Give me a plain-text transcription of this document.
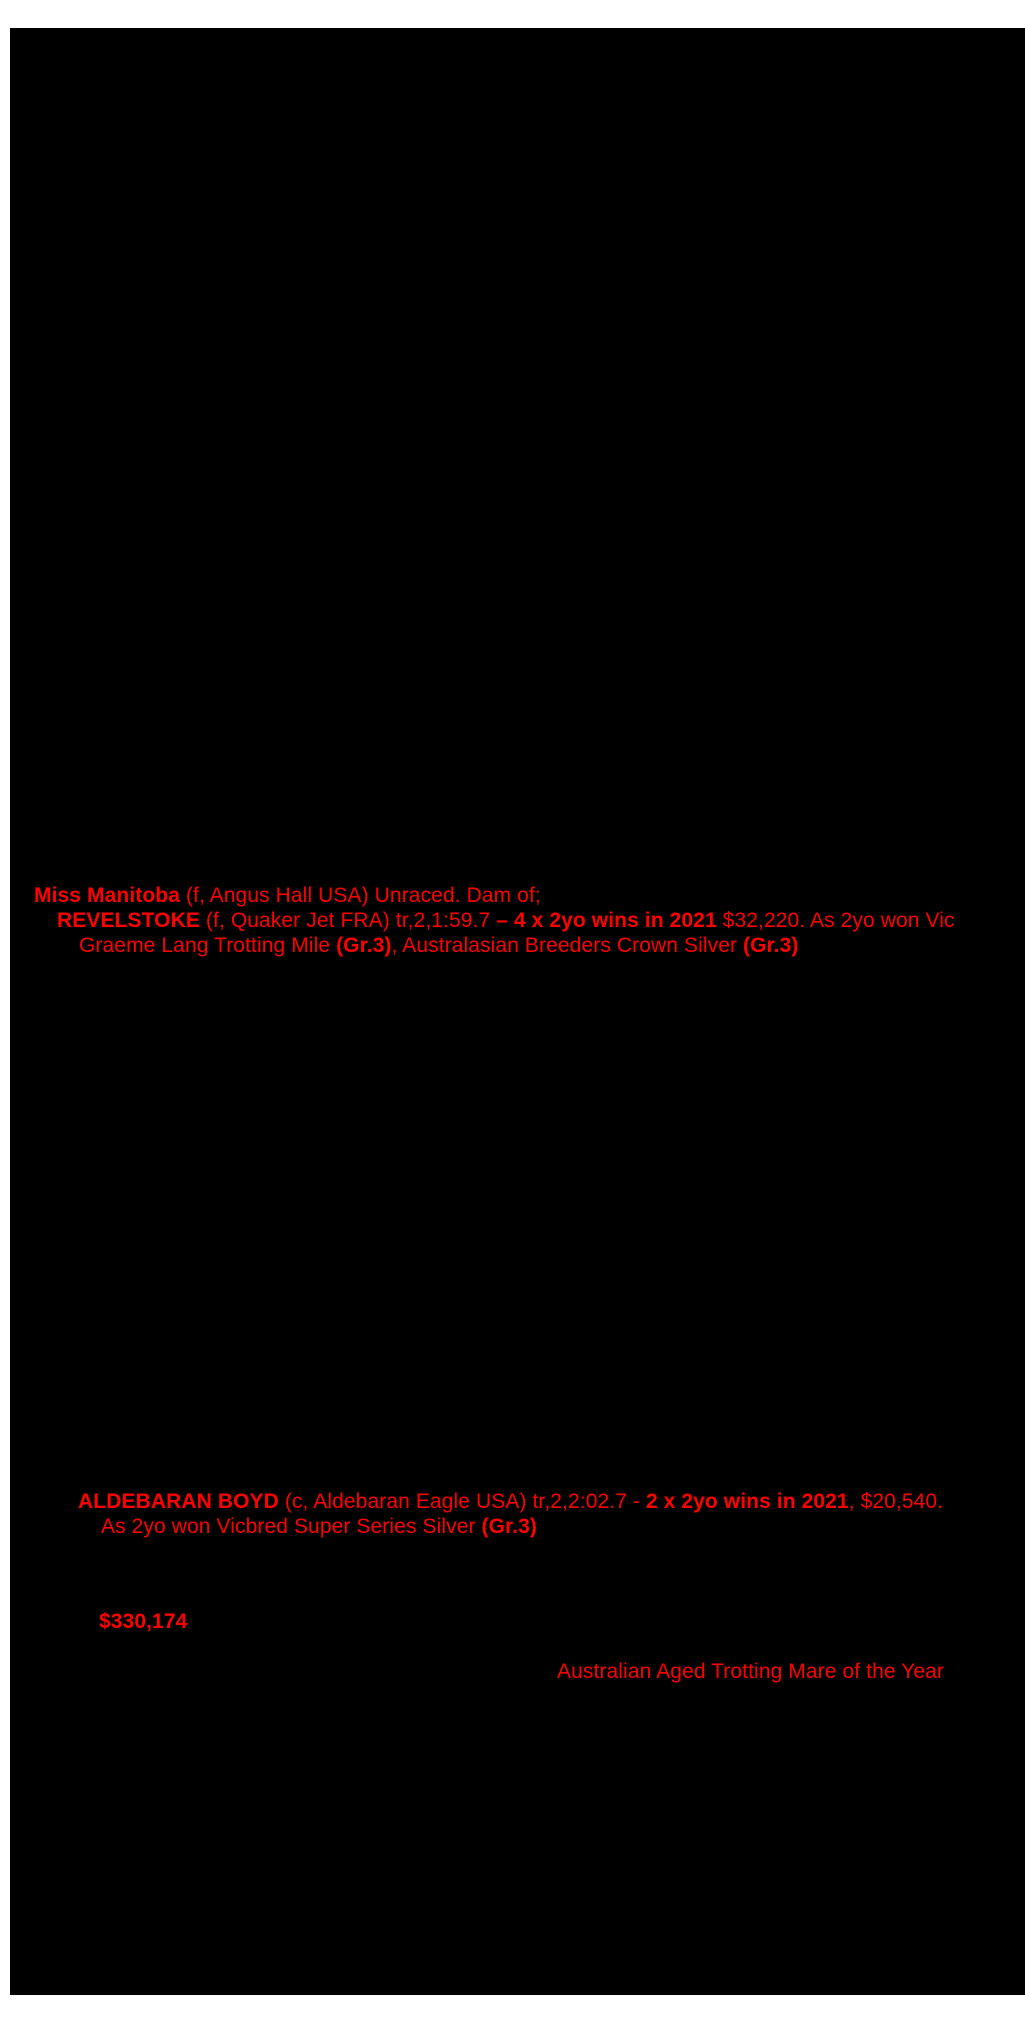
Miss Manitoba (f, Angus Hall USA) Unraced. Dam of;
REVELSTOKE (f, Quaker Jet FRA) tr,2,1:59.7 – 4 x 2yo wins in 2021 $32,220. As 2yo won Vic
Graeme Lang Trotting Mile (Gr.3), Australasian Breeders Crown Silver (Gr.3)
ALDEBARAN BOYD (c, Aldebaran Eagle USA) tr,2,2:02.7 - 2 x 2yo wins in 2021, $20,540.
As 2yo won Vicbred Super Series Silver (Gr.3)
$330,174
Australian Aged Trotting Mare of the Year
